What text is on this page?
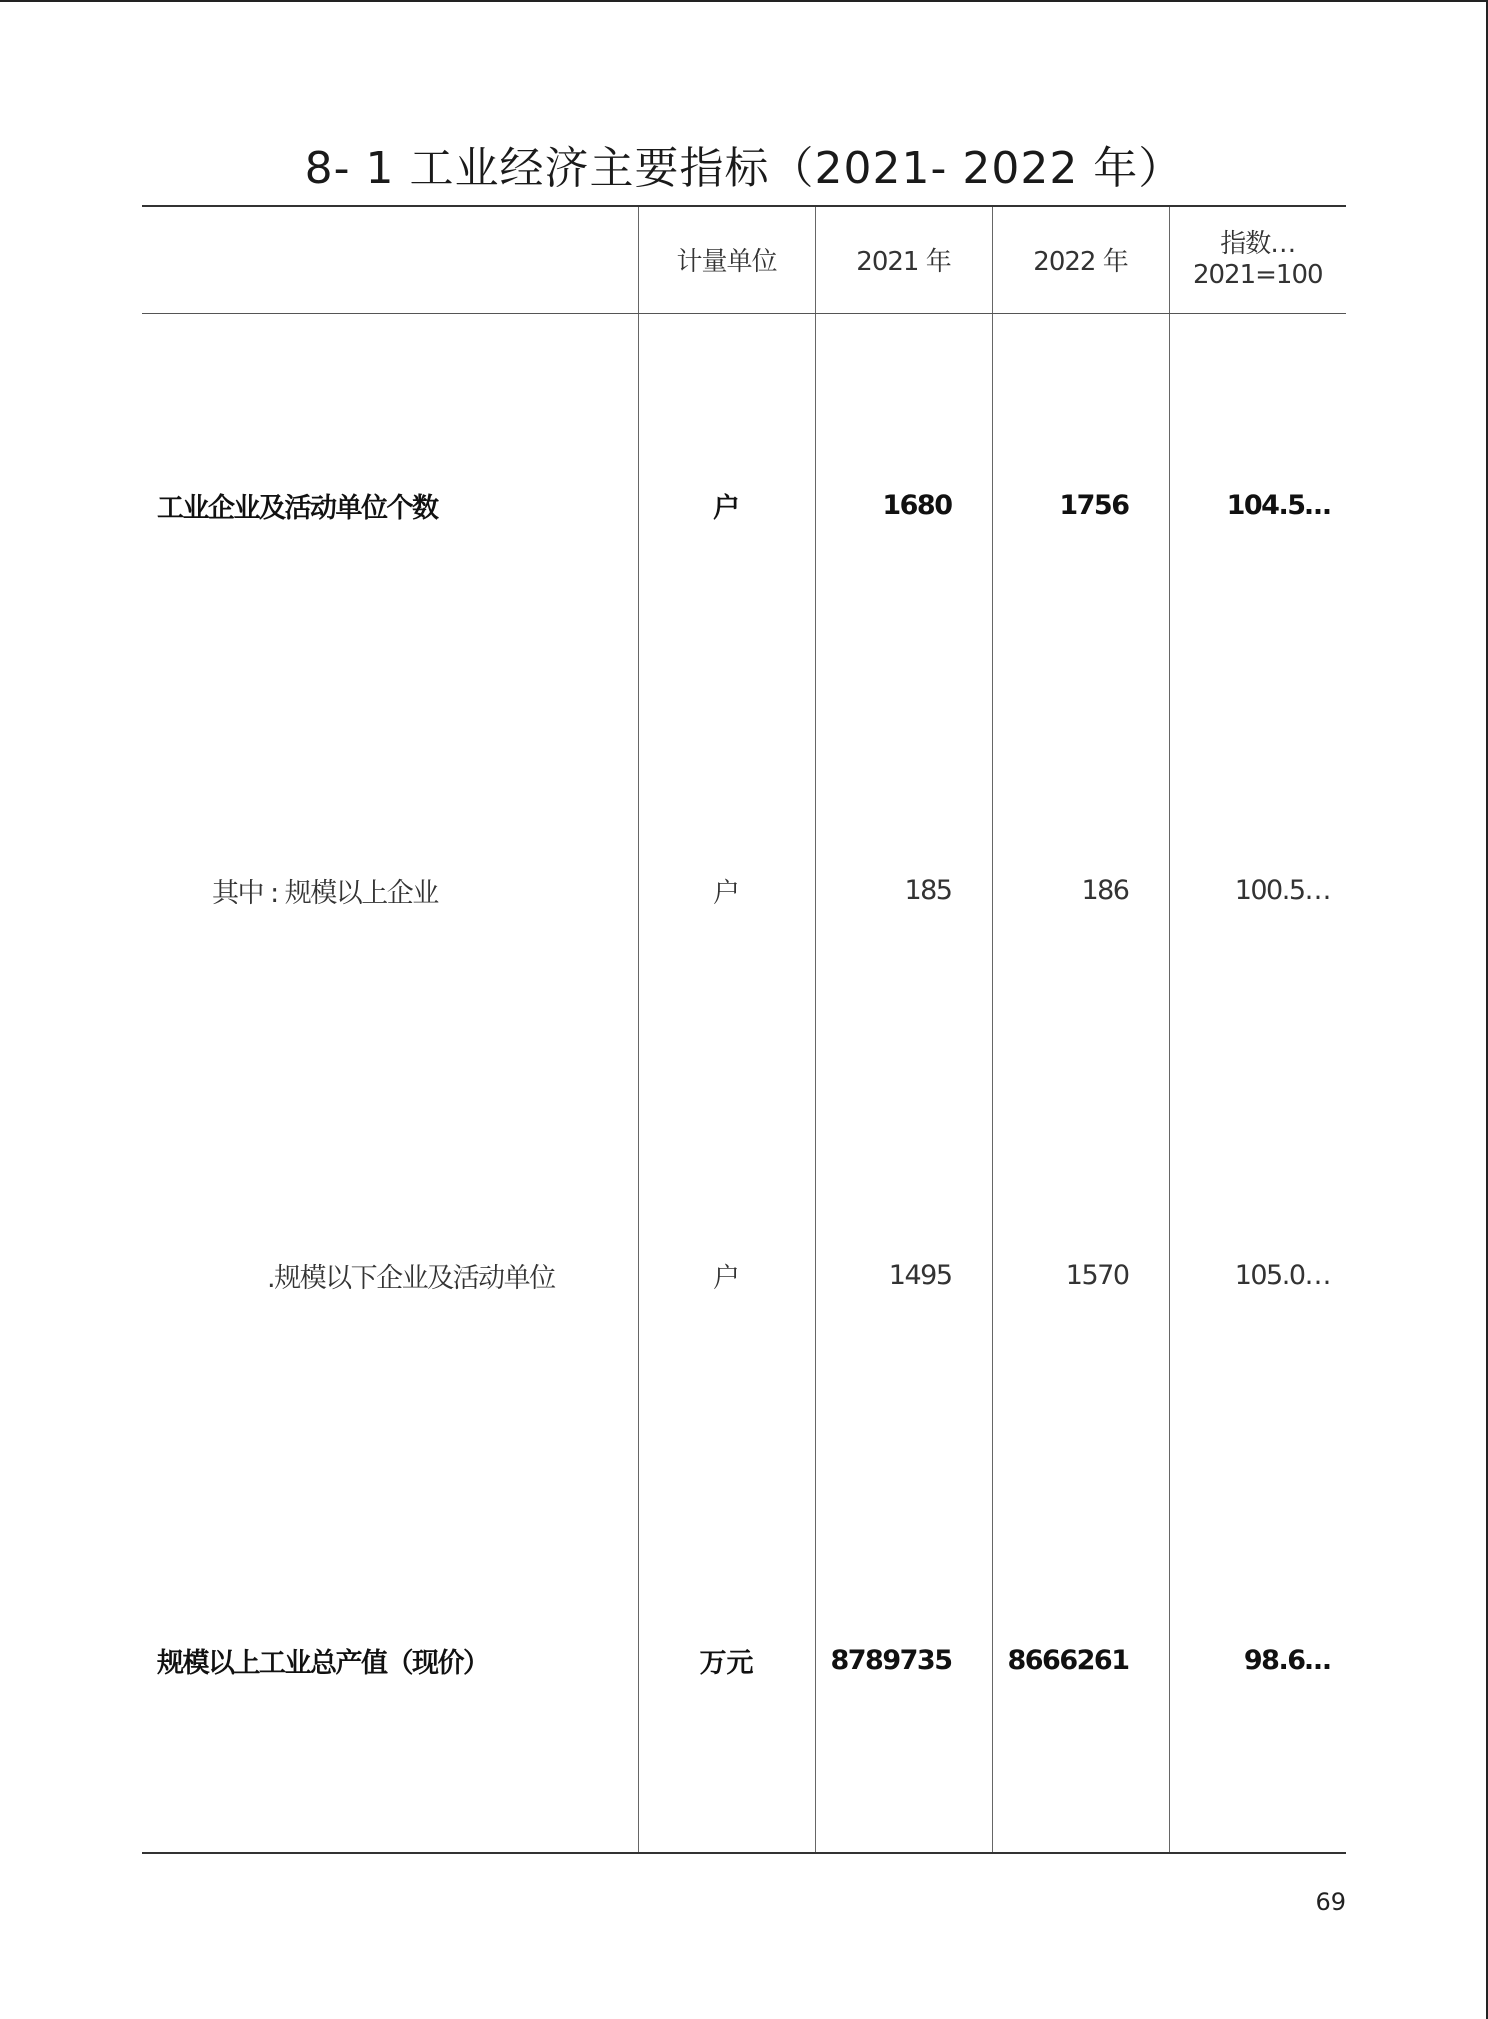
8- 1 工业经济主要指标（2021- 2022 年）
	计量单位	2021 年	2022 年	指数…
2021=100

工业企业及活动单位个数	户	1680	1756	104.5…
其中 : 规模以上企业	户	185	186	100.5…
.规模以下企业及活动单位	户	1495	1570	105.0…
规模以上工业总产值（现价）	万元	8789735	8666261	98.6…
69
